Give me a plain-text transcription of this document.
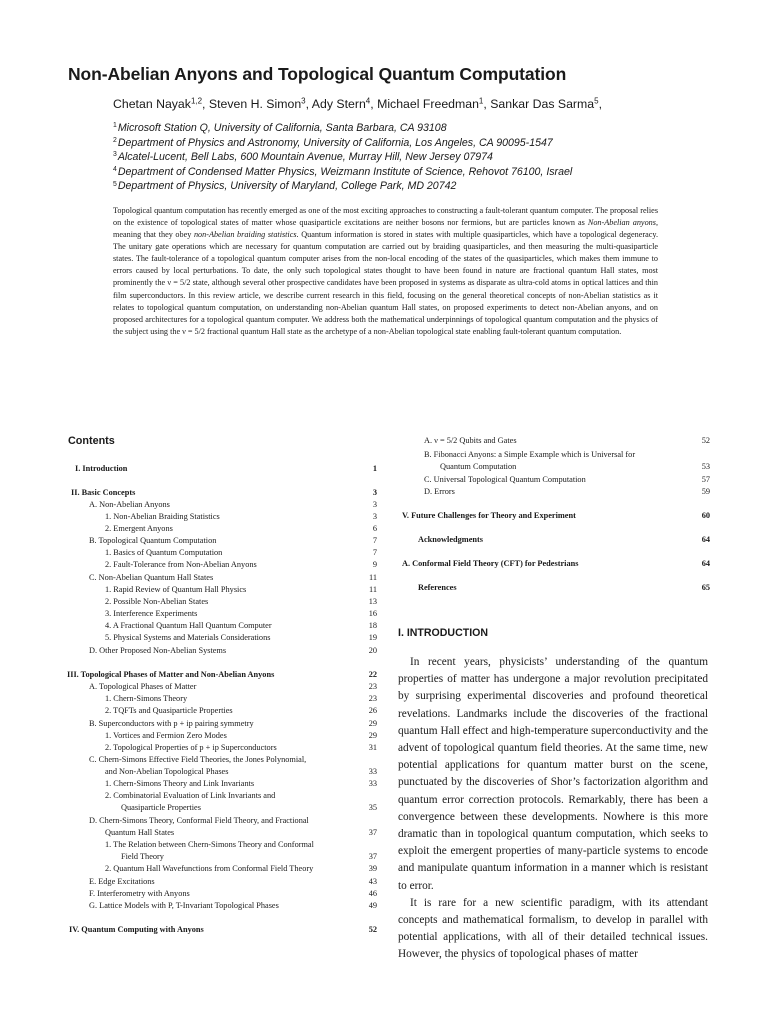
Non-Abelian Anyons and Topological Quantum Computation
Chetan Nayak$^{1,2}$, Steven H. Simon$^3$, Ady Stern$^4$, Michael Freedman$^1$, Sankar Das Sarma$^5$,
$^1$Microsoft Station Q, University of California, Santa Barbara, CA 93108
$^2$Department of Physics and Astronomy, University of California, Los Angeles, CA 90095-1547
$^3$Alcatel-Lucent, Bell Labs, 600 Mountain Avenue, Murray Hill, New Jersey 07974
$^4$Department of Condensed Matter Physics, Weizmann Institute of Science, Rehovot 76100, Israel
$^5$Department of Physics, University of Maryland, College Park, MD 20742

Topological quantum computation has recently emerged as one of the most exciting approaches to constructing a fault-tolerant quantum computer. The proposal relies on the existence of topological states of matter whose quasiparticle excitations are neither bosons nor fermions, but are particles known as Non-Abelian anyons, meaning that they obey non-Abelian braiding statistics. Quantum information is stored in states with multiple quasiparticles, which have a topological degeneracy. The unitary gate operations which are necessary for quantum computation are carried out by braiding quasiparticles, and then measuring the multi-quasiparticle states. The fault-tolerance of a topological quantum computer arises from the non-local encoding of the states of the quasiparticles, which makes them immune to errors caused by local perturbations. To date, the only such topological states thought to have been found in nature are fractional quantum Hall states, most prominently the ν = 5/2 state, although several other prospective candidates have been proposed in systems as disparate as ultra-cold atoms in optical lattices and thin film superconductors. In this review article, we describe current research in this field, focusing on the general theoretical concepts of non-Abelian statistics as it relates to topological quantum computation, on understanding non-Abelian quantum Hall states, on proposed experiments to detect non-Abelian anyons, and on proposed architectures for a topological quantum computer. We address both the mathematical underpinnings of topological quantum computation and the physics of the subject using the ν = 5/2 fractional quantum Hall state as the archetype of a non-Abelian topological state enabling fault-tolerant quantum computation.

Contents
I. Introduction	1
II. Basic Concepts	3
A. Non-Abelian Anyons	3
1. Non-Abelian Braiding Statistics	3
2. Emergent Anyons	6
B. Topological Quantum Computation	7
1. Basics of Quantum Computation	7
2. Fault-Tolerance from Non-Abelian Anyons	9
C. Non-Abelian Quantum Hall States	11
1. Rapid Review of Quantum Hall Physics	11
2. Possible Non-Abelian States	13
3. Interference Experiments	16
4. A Fractional Quantum Hall Quantum Computer	18
5. Physical Systems and Materials Considerations	19
D. Other Proposed Non-Abelian Systems	20
III. Topological Phases of Matter and Non-Abelian Anyons	22
A. Topological Phases of Matter	23
1. Chern-Simons Theory	23
2. TQFTs and Quasiparticle Properties	26
B. Superconductors with p + ip pairing symmetry	29
1. Vortices and Fermion Zero Modes	29
2. Topological Properties of p + ip Superconductors	31
C. Chern-Simons Effective Field Theories, the Jones Polynomial,
and Non-Abelian Topological Phases	33
1. Chern-Simons Theory and Link Invariants	33
2. Combinatorial Evaluation of Link Invariants and
Quasiparticle Properties	35
D. Chern-Simons Theory, Conformal Field Theory, and Fractional
Quantum Hall States	37
1. The Relation between Chern-Simons Theory and Conformal
Field Theory	37
2. Quantum Hall Wavefunctions from Conformal Field Theory	39
E. Edge Excitations	43
F. Interferometry with Anyons	46
G. Lattice Models with P, T-Invariant Topological Phases	49
IV. Quantum Computing with Anyons	52
A. ν = 5/2 Qubits and Gates	52
B. Fibonacci Anyons: a Simple Example which is Universal for
Quantum Computation	53
C. Universal Topological Quantum Computation	57
D. Errors	59
V. Future Challenges for Theory and Experiment	60
Acknowledgments	64
A. Conformal Field Theory (CFT) for Pedestrians	64
References	65
I. INTRODUCTION

In recent years, physicists’ understanding of the quantum properties of matter has undergone a major revolution precipitated by surprising experimental discoveries and profound theoretical revelations. Landmarks include the discoveries of the fractional quantum Hall effect and high-temperature superconductivity and the advent of topological quantum field theories. At the same time, new potential applications for quantum matter burst on the scene, punctuated by the discoveries of Shor’s factorization algorithm and quantum error correction protocols. Remarkably, there has been a convergence between these developments. Nowhere is this more dramatic than in topological quantum computation, which seeks to exploit the emergent properties of many-particle systems to encode and manipulate quantum information in a manner which is resistant to error.

It is rare for a new scientific paradigm, with its attendant concepts and mathematical formalism, to develop in parallel with potential applications, with all of their detailed technical issues. However, the physics of topological phases of matter
